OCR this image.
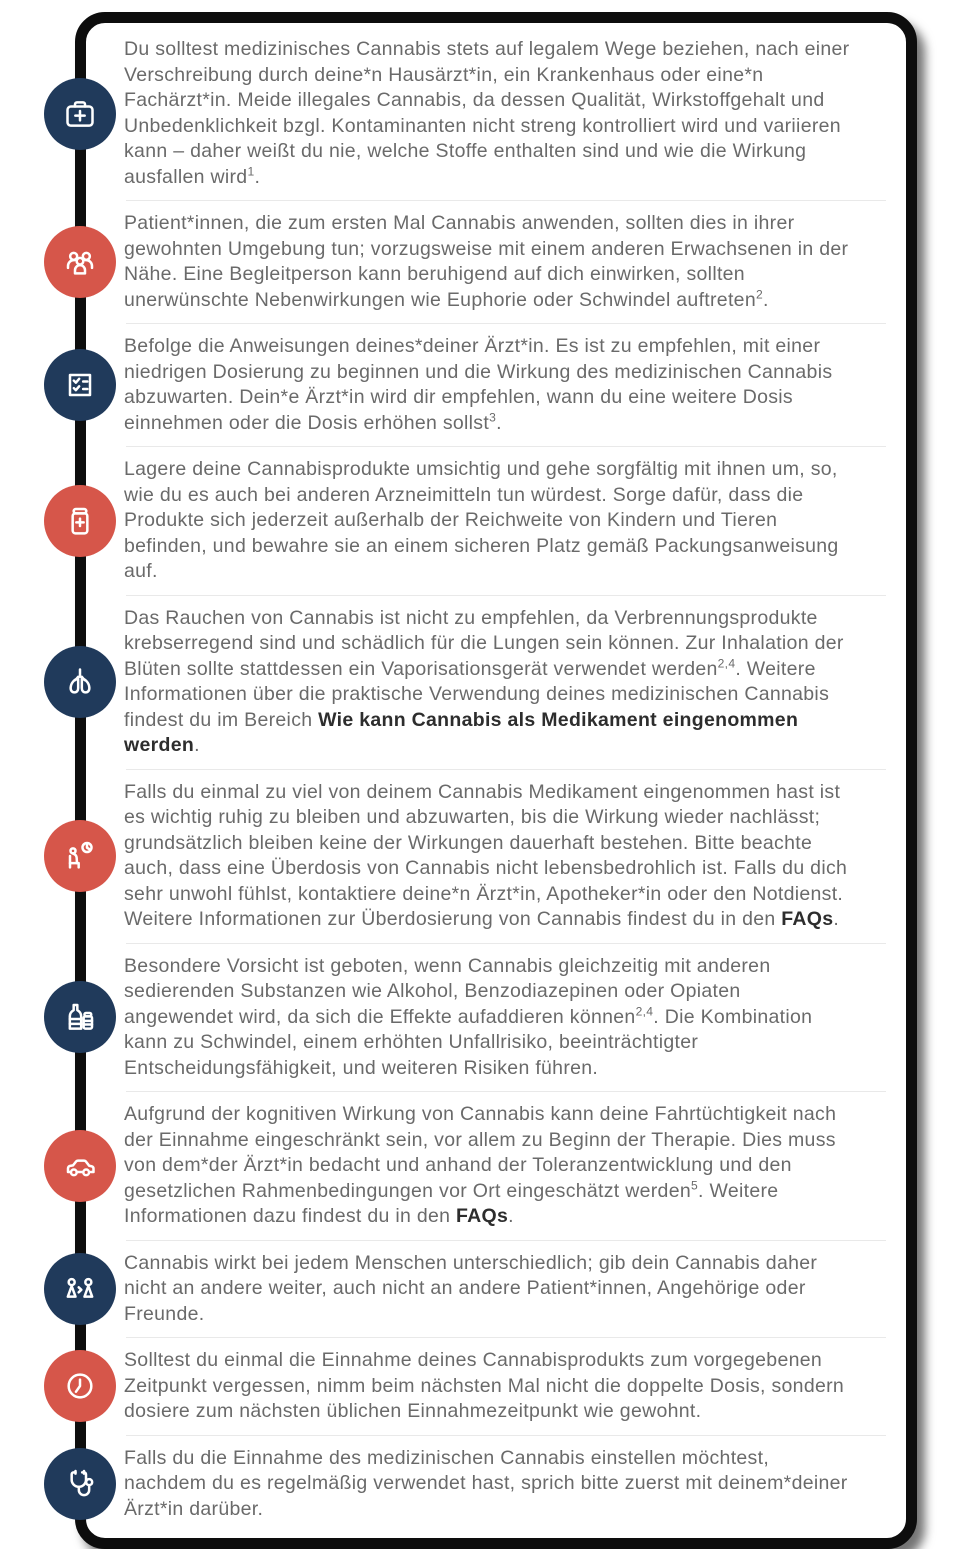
Du solltest medizinisches Cannabis stets auf legalem Wege beziehen, nach einer Verschreibung durch deine*n Hausärzt*in, ein Krankenhaus oder eine*n Fachärzt*in. Meide illegales Cannabis, da dessen Qualität, Wirkstoffgehalt und Unbedenklichkeit bzgl. Kontaminanten nicht streng kontrolliert wird und variieren kann – daher weißt du nie, welche Stoffe enthalten sind und wie die Wirkung ausfallen wird$^1$.

Patient*innen, die zum ersten Mal Cannabis anwenden, sollten dies in ihrer gewohnten Umgebung tun; vorzugsweise mit einem anderen Erwachsenen in der Nähe. Eine Begleitperson kann beruhigend auf dich einwirken, sollten unerwünschte Nebenwirkungen wie Euphorie oder Schwindel auftreten$^2$.

Befolge die Anweisungen deines*deiner Ärzt*in. Es ist zu empfehlen, mit einer niedrigen Dosierung zu beginnen und die Wirkung des medizinischen Cannabis abzuwarten. Dein*e Ärzt*in wird dir empfehlen, wann du eine weitere Dosis einnehmen oder die Dosis erhöhen sollst$^3$.

Lagere deine Cannabisprodukte umsichtig und gehe sorgfältig mit ihnen um, so, wie du es auch bei anderen Arzneimitteln tun würdest. Sorge dafür, dass die Produkte sich jederzeit außerhalb der Reichweite von Kindern und Tieren befinden, und bewahre sie an einem sicheren Platz gemäß Packungsanweisung auf.

Das Rauchen von Cannabis ist nicht zu empfehlen, da Verbrennungsprodukte krebserregend sind und schädlich für die Lungen sein können. Zur Inhalation der Blüten sollte stattdessen ein Vaporisationsgerät verwendet werden$^{2,4}$. Weitere Informationen über die praktische Verwendung deines medizinischen Cannabis findest du im Bereich Wie kann Cannabis als Medikament eingenommen werden.

Falls du einmal zu viel von deinem Cannabis Medikament eingenommen hast ist es wichtig ruhig zu bleiben und abzuwarten, bis die Wirkung wieder nachlässt; grundsätzlich bleiben keine der Wirkungen dauerhaft bestehen. Bitte beachte auch, dass eine Überdosis von Cannabis nicht lebensbedrohlich ist. Falls du dich sehr unwohl fühlst, kontaktiere deine*n Ärzt*in, Apotheker*in oder den Notdienst. Weitere Informationen zur Überdosierung von Cannabis findest du in den FAQs.

Besondere Vorsicht ist geboten, wenn Cannabis gleichzeitig mit anderen sedierenden Substanzen wie Alkohol, Benzodiazepinen oder Opiaten angewendet wird, da sich die Effekte aufaddieren können$^{2,4}$. Die Kombination kann zu Schwindel, einem erhöhten Unfallrisiko, beeinträchtigter Entscheidungsfähigkeit, und weiteren Risiken führen.

Aufgrund der kognitiven Wirkung von Cannabis kann deine Fahrtüchtigkeit nach der Einnahme eingeschränkt sein, vor allem zu Beginn der Therapie. Dies muss von dem*der Ärzt*in bedacht und anhand der Toleranzentwicklung und den gesetzlichen Rahmenbedingungen vor Ort eingeschätzt werden$^5$. Weitere Informationen dazu findest du in den FAQs.

Cannabis wirkt bei jedem Menschen unterschiedlich; gib dein Cannabis daher nicht an andere weiter, auch nicht an andere Patient*innen, Angehörige oder Freunde.

Solltest du einmal die Einnahme deines Cannabisprodukts zum vorgegebenen Zeitpunkt vergessen, nimm beim nächsten Mal nicht die doppelte Dosis, sondern dosiere zum nächsten üblichen Einnahmezeitpunkt wie gewohnt.

Falls du die Einnahme des medizinischen Cannabis einstellen möchtest, nachdem du es regelmäßig verwendet hast, sprich bitte zuerst mit deinem*deiner Ärzt*in darüber.
